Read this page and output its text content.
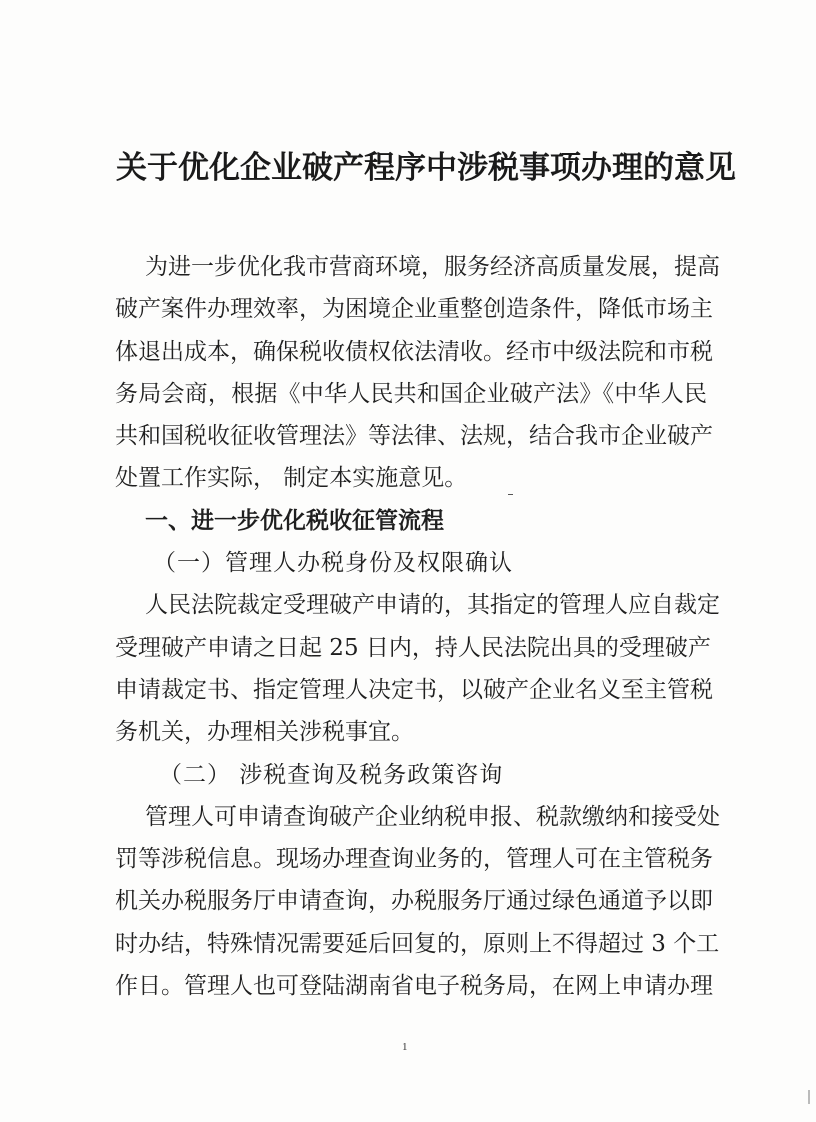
关于优化企业破产程序中涉税事项办理的意见
为进一步优化我市营商环境，服务经济高质量发展，提高
破产案件办理效率，为困境企业重整创造条件，降低市场主
体退出成本，确保税收债权依法清收。经市中级法院和市税
务局会商，根据《中华人民共和国企业破产法》《中华人民
共和国税收征收管理法》等法律、法规，结合我市企业破产
处置工作实际， 制定本实施意见。
一、进一步优化税收征管流程
（一）管理人办税身份及权限确认
人民法院裁定受理破产申请的，其指定的管理人应自裁定
受理破产申请之日起 25 日内，持人民法院出具的受理破产
申请裁定书、指定管理人决定书，以破产企业名义至主管税
务机关，办理相关涉税事宜。
（二） 涉税查询及税务政策咨询
管理人可申请查询破产企业纳税申报、税款缴纳和接受处
罚等涉税信息。现场办理查询业务的，管理人可在主管税务
机关办税服务厅申请查询，办税服务厅通过绿色通道予以即
时办结，特殊情况需要延后回复的，原则上不得超过 3 个工
作日。管理人也可登陆湖南省电子税务局，在网上申请办理
1
